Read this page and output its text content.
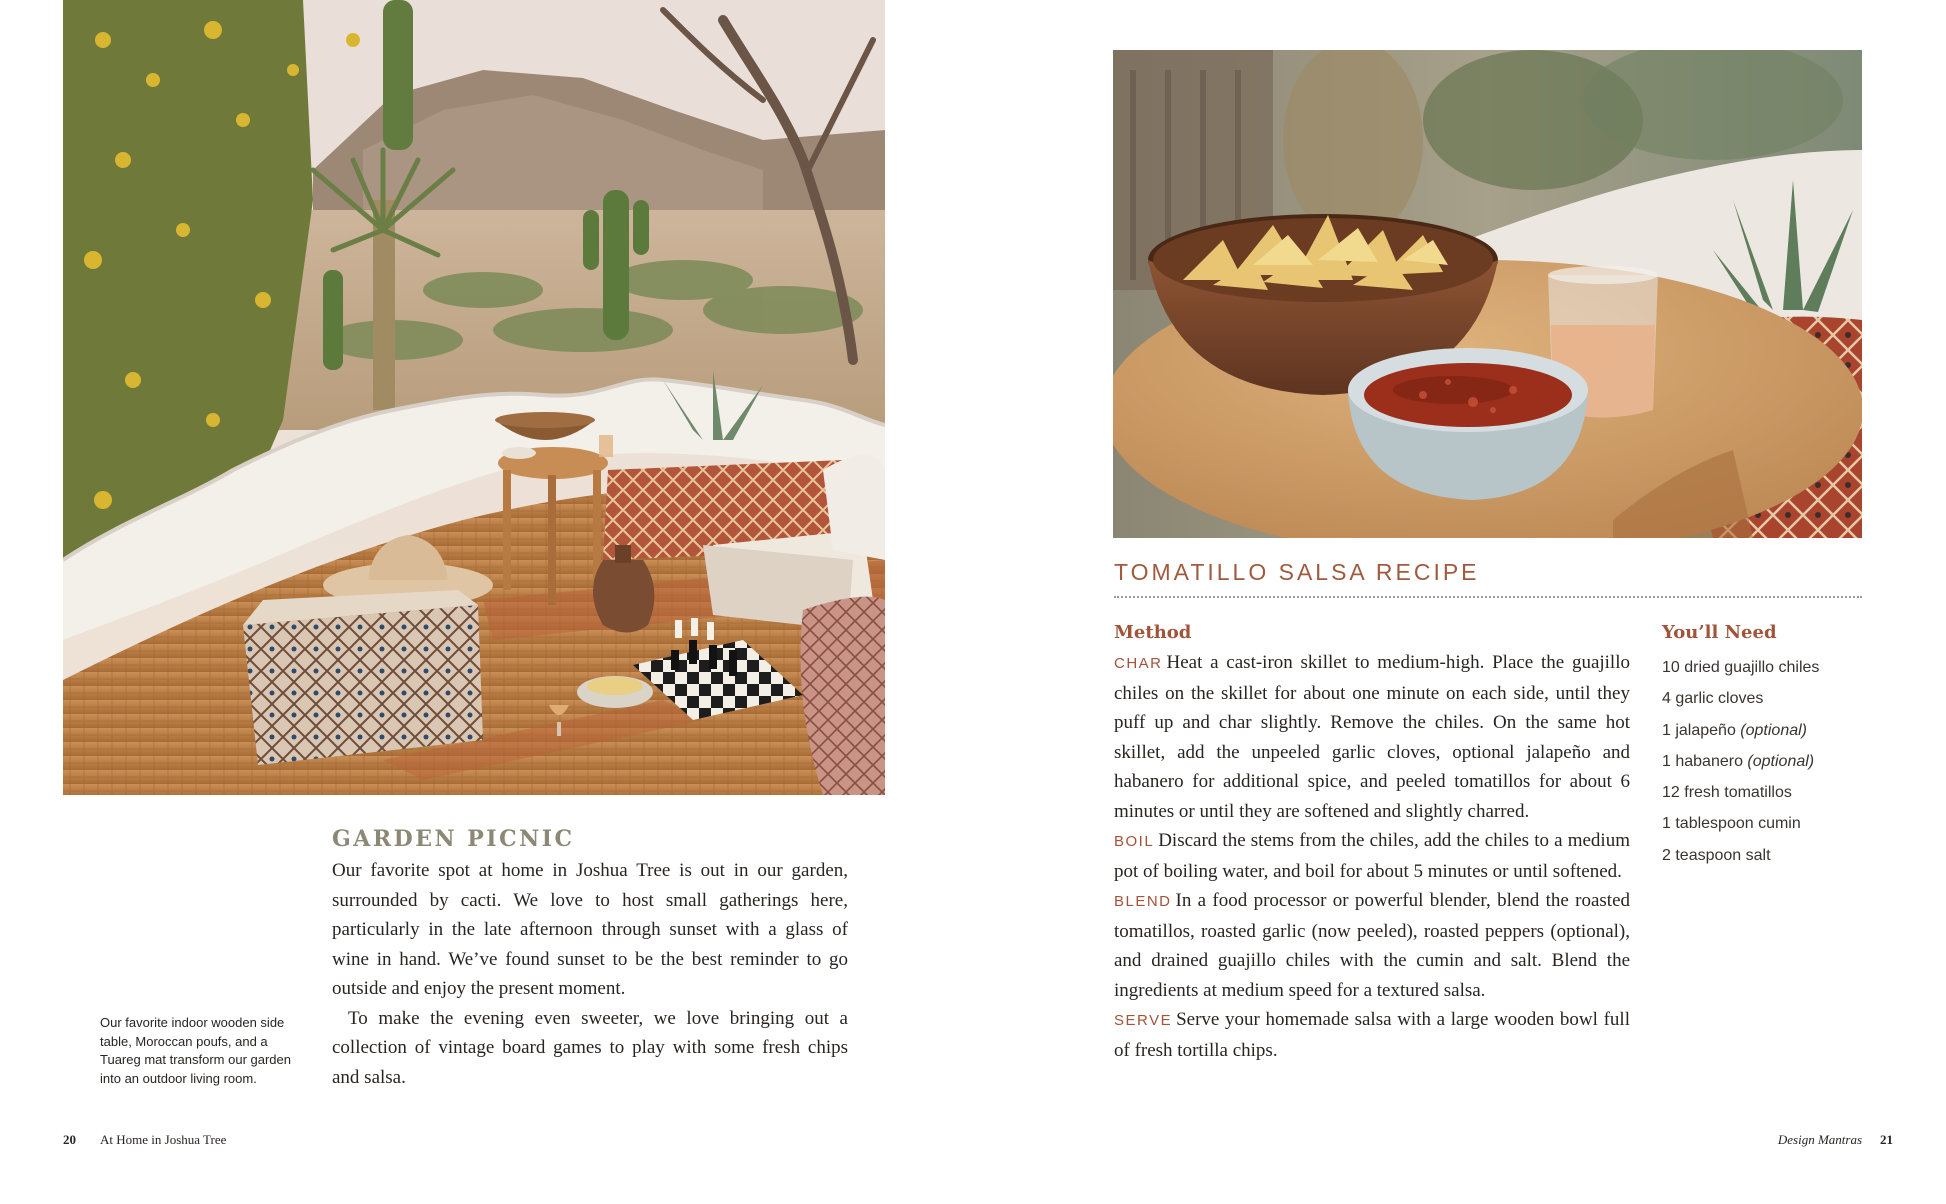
GARDEN PICNIC

Our favorite spot at home in Joshua Tree is out in our garden, surrounded by cacti. We love to host small gatherings here, particularly in the late afternoon through sunset with a glass of wine in hand. We’ve found sunset to be the best reminder to go outside and enjoy the present moment.

To make the evening even sweeter, we love bringing out a collection of vintage board games to play with some fresh chips and salsa.

Our favorite indoor wooden side table, Moroccan poufs, and a Tuareg mat transform our garden into an outdoor living room.
TOMATILLO SALSA RECIPE
Method	You’ll Need

CHAR Heat a cast-iron skillet to medium-high. Place the guajillo chiles on the skillet for about one minute on each side, until they puff up and char slightly. Remove the chiles. On the same hot skillet, add the unpeeled garlic cloves, optional jalapeño and habanero for additional spice, and peeled tomatillos for about 6 minutes or until they are softened and slightly charred.

BOIL Discard the stems from the chiles, add the chiles to a medium pot of boiling water, and boil for about 5 minutes or until softened.

BLEND In a food processor or powerful blender, blend the roasted tomatillos, roasted garlic (now peeled), roasted peppers (optional), and drained guajillo chiles with the cumin and salt. Blend the ingredients at medium speed for a textured salsa.

SERVE Serve your homemade salsa with a large wooden bowl full of fresh tortilla chips.

10 dried guajillo chiles
4 garlic cloves
1 jalapeño (optional)
1 habanero (optional)
12 fresh tomatillos
1 tablespoon cumin
2 teaspoon salt
20 At Home in Joshua Tree	Design Mantras 21
